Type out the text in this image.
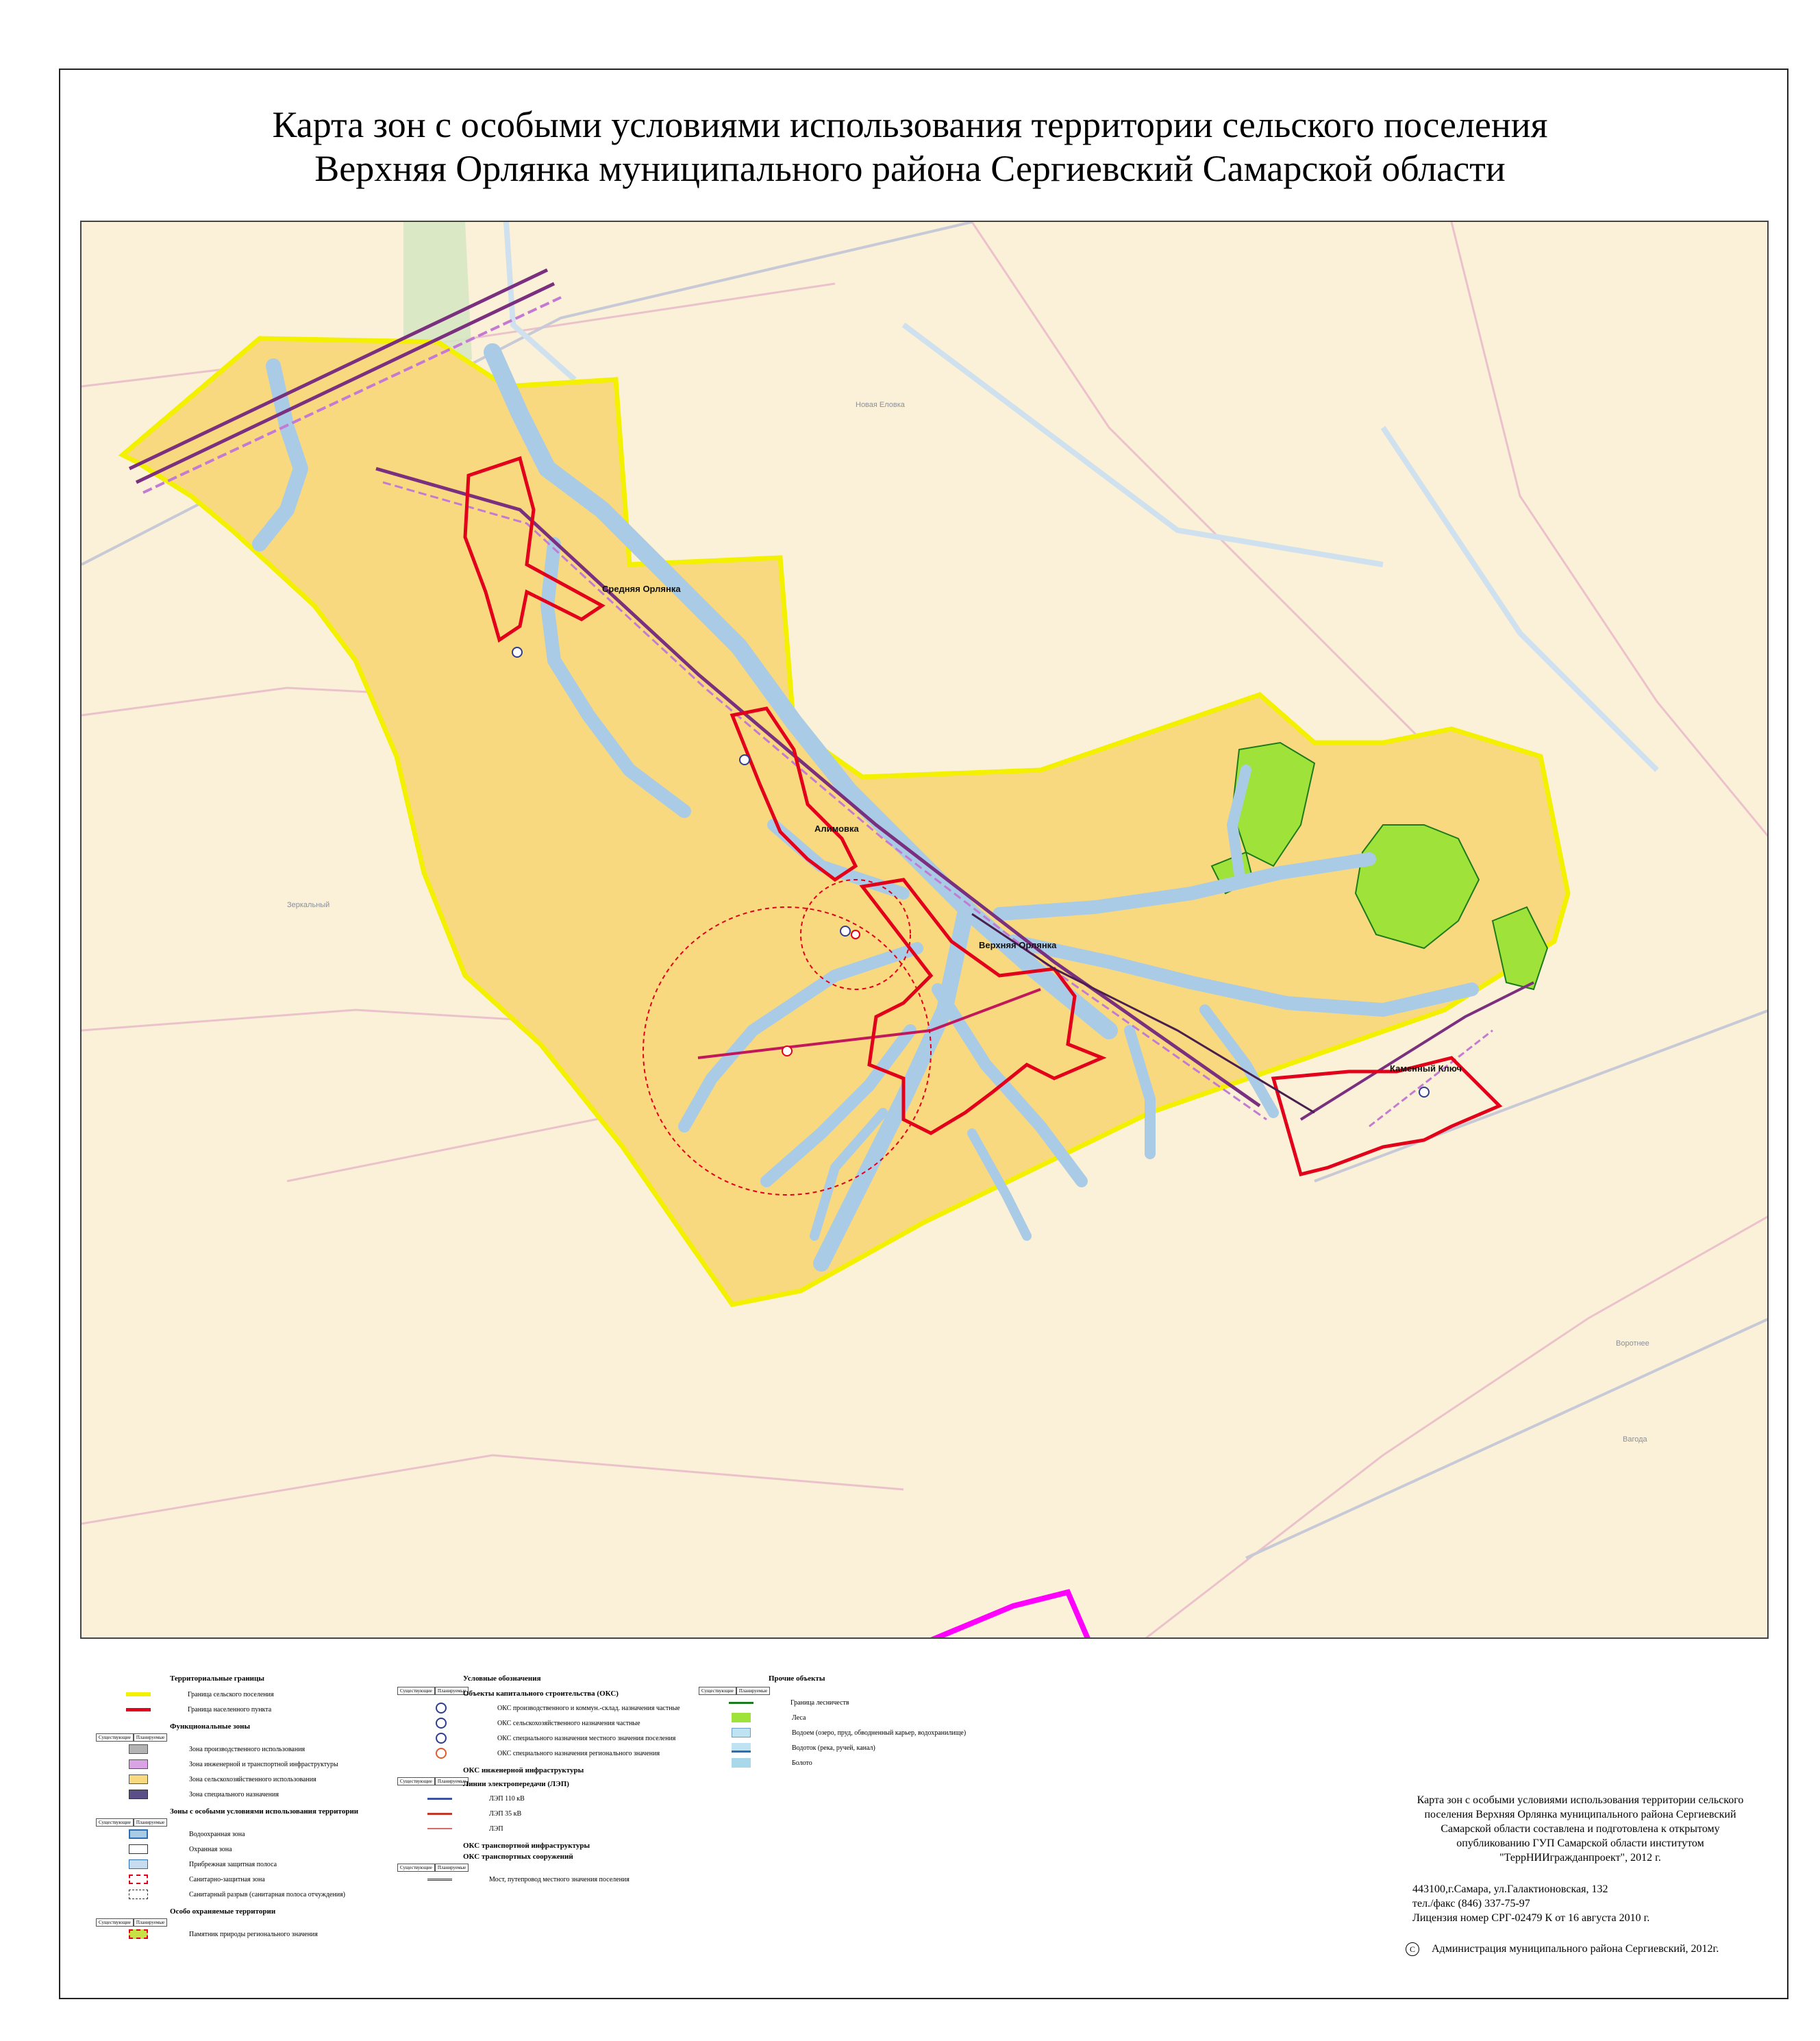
Карта зон с особыми условиями использования территории сельского поселения
Верхняя Орлянка муниципального района Сергиевский Самарской области
Средняя Орлянка
Алимовка
Верхняя Орлянка
Каменный Ключ
Новая Еловка
Зеркальный
Воротнее
Вагода
Территориальные границы
Граница сельского поселения
Граница населенного пункта
Функциональные зоны
Существующие	Планируемые
Зона производственного использования
Зона инженерной и транспортной инфраструктуры
Зона сельскохозяйственного использования
Зона специального назначения
Зоны с особыми условиями использования территории
Существующие	Планируемые
Водоохранная зона
Охранная зона
Прибрежная защитная полоса
Санитарно-защитная зона
Санитарный разрыв (санитарная полоса отчуждения)
Особо охраняемые территории
Существующие	Планируемые
Памятник природы регионального значения
Условные обозначения
Существующие	Планируемые
Объекты капитального строительства (ОКС)
ОКС производственного и коммун.-склад. назначения частные
ОКС сельскохозяйственного назначения частные
ОКС специального назначения местного значения поселения
ОКС специального назначения регионального значения
ОКС инженерной инфраструктуры
Существующие	Планируемые
Линии электропередачи (ЛЭП)
ЛЭП 110 кВ
ЛЭП 35 кВ
ЛЭП
ОКС транспортной инфраструктуры
ОКС транспортных сооружений
Существующие	Планируемые
Мост, путепровод местного значения поселения
Прочие объекты
Существующие	Планируемые
Граница лесничеств
Леса
Водоем (озеро, пруд, обводненный карьер, водохранилище)
Водоток (река, ручей, канал)
Болото
Карта зон с особыми условиями использования территории сельского поселения Верхняя Орлянка муниципального района Сергиевский Самарской области составлена и подготовлена к открытому опубликованию ГУП Самарской области институтом "ТеррНИИгражданпроект", 2012 г.
443100,г.Самара, ул.Галактионовская, 132
тел./факс (846) 337-75-97
Лицензия номер СРГ-02479 К от 16 августа 2010 г.
C Администрация муниципального района Сергиевский, 2012г.
